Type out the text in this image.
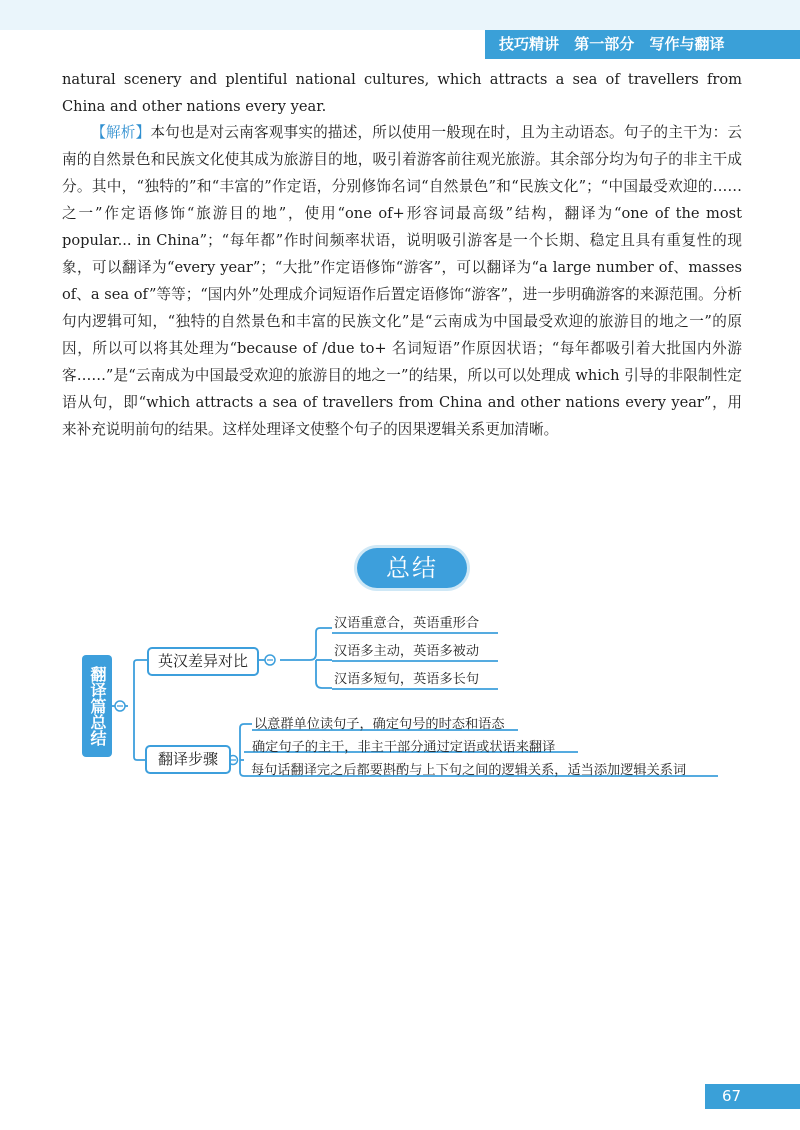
技巧精讲 第一部分 写作与翻译
natural scenery and plentiful national cultures, which attracts a sea of travellers from China and other nations every year.
【解析】本句也是对云南客观事实的描述，所以使用一般现在时，且为主动语态。句子的主干为：云南的自然景色和民族文化使其成为旅游目的地，吸引着游客前往观光旅游。其余部分均为句子的非主干成分。其中，“独特的”和“丰富的”作定语，分别修饰名词“自然景色”和“民族文化”；“中国最受欢迎的……之一”作定语修饰“旅游目的地”，使用“one of+形容词最高级”结构，翻译为“one of the most popular... in China”；“每年都”作时间频率状语，说明吸引游客是一个长期、稳定且具有重复性的现象，可以翻译为“every year”；“大批”作定语修饰“游客”，可以翻译为“a large number of、masses of、a sea of”等等；“国内外”处理成介词短语作后置定语修饰“游客”，进一步明确游客的来源范围。分析句内逻辑可知，“独特的自然景色和丰富的民族文化”是“云南成为中国最受欢迎的旅游目的地之一”的原因，所以可以将其处理为“because of /due to+ 名词短语”作原因状语；“每年都吸引着大批国内外游客……”是“云南成为中国最受欢迎的旅游目的地之一”的结果，所以可以处理成 which 引导的非限制性定语从句，即“which attracts a sea of travellers from China and other nations every year”，用来补充说明前句的结果。这样处理译文使整个句子的因果逻辑关系更加清晰。
总结
翻译篇总结
英汉差异对比
翻译步骤
汉语重意合，英语重形合
汉语多主动，英语多被动
汉语多短句，英语多长句
以意群单位读句子，确定句号的时态和语态
确定句子的主干，非主干部分通过定语或状语来翻译
每句话翻译完之后都要斟酌与上下句之间的逻辑关系，适当添加逻辑关系词
67
